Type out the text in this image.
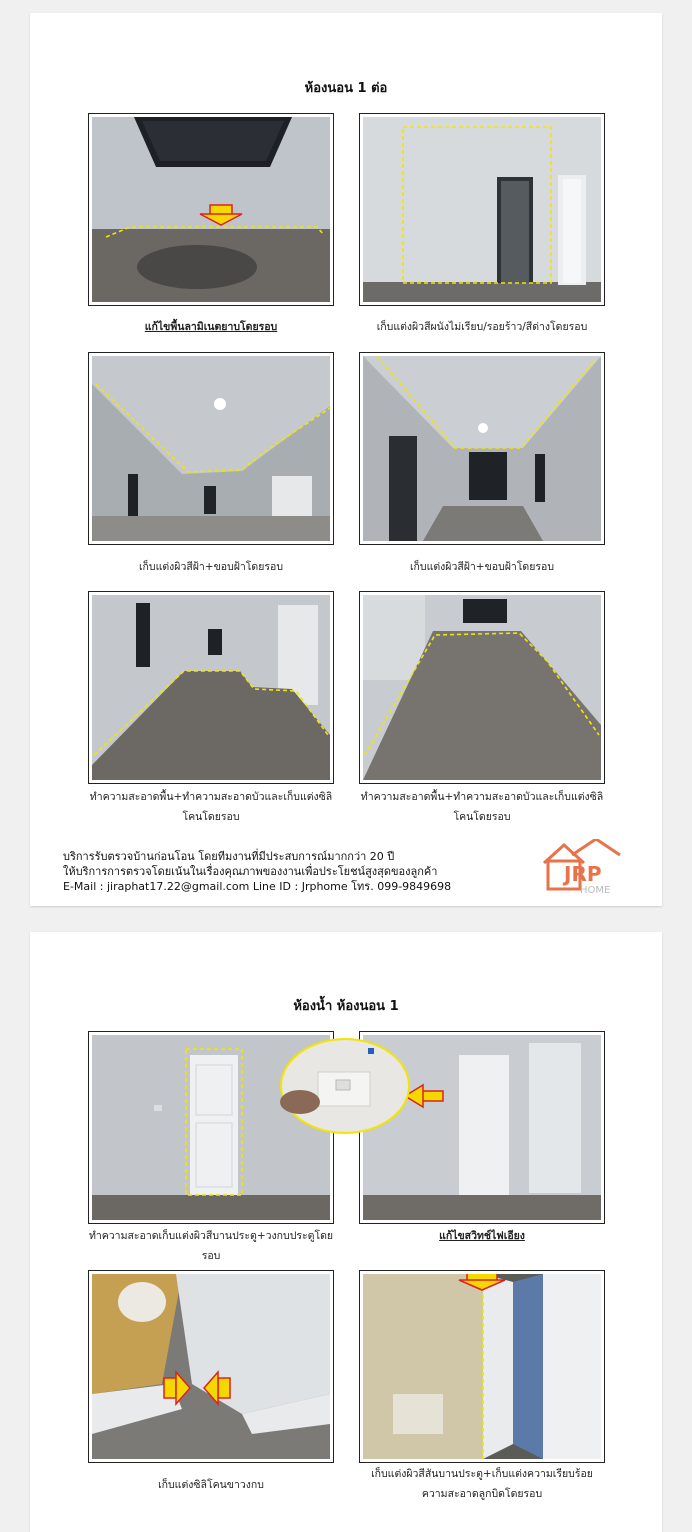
ห้องนอน 1 ต่อ
แก้ไขพื้นลามิเนตยาบโดยรอบ	เก็บแต่งผิวสีผนังไม่เรียบ/รอยร้าว/สีด่างโดยรอบ
เก็บแต่งผิวสีฝ้า+ขอบฝ้าโดยรอบ	เก็บแต่งผิวสีฝ้า+ขอบฝ้าโดยรอบ
ทำความสะอาดพื้น+ทำความสะอาดบัวและเก็บแต่งซิลิโคนโดยรอบ
ทำความสะอาดพื้น+ทำความสะอาดบัวและเก็บแต่งซิลิโคนโดยรอบ
บริการรับตรวจบ้านก่อนโอน โดยทีมงานที่มีประสบการณ์มากกว่า 20 ปี
ให้บริการการตรวจโดยเน้นในเรื่องคุณภาพของงานเพื่อประโยชน์สูงสุดของลูกค้า
E-Mail : jiraphat17.22@gmail.com Line ID : Jrphome โทร. 099-9849698
JRP
HOME
ห้องน้ำ ห้องนอน 1
ทำความสะอาดเก็บแต่งผิวสีบานประตู+วงกบประตูโดยรอบ
แก้ไขสวิทช์ไฟเอียง
เก็บแต่งซิลิโคนขาวงกบ
เก็บแต่งผิวสีสันบานประตู+เก็บแต่งความเรียบร้อยความสะอาดลูกบิดโดยรอบ
